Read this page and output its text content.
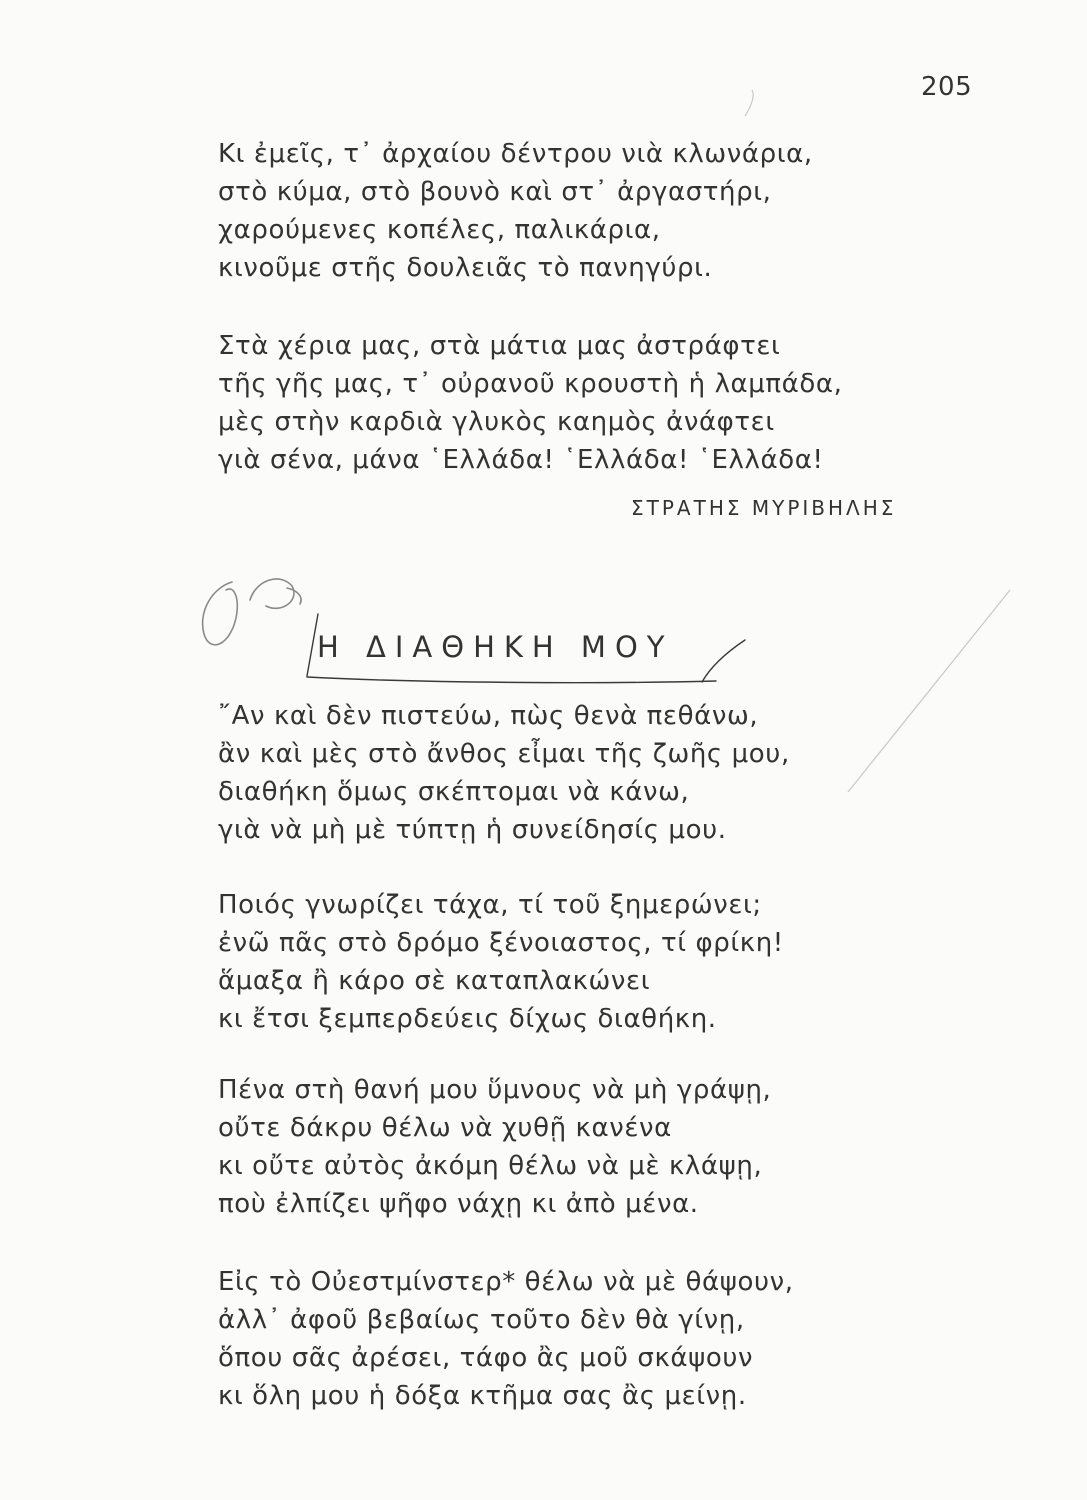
205
Κι ἐμεῖς, τ᾽ ἀρχαίου δέντρου νιὰ κλωνάρια,
στὸ κύμα, στὸ βουνὸ καὶ στ᾽ ἀργαστήρι,
χαρούμενες κοπέλες, παλικάρια,
κινοῦμε στῆς δουλειᾶς τὸ πανηγύρι.
Στὰ χέρια μας, στὰ μάτια μας ἀστράφτει
τῆς γῆς μας, τ᾽ οὐρανοῦ κρουστὴ ἡ λαμπάδα,
μὲς στὴν καρδιὰ γλυκὸς καημὸς ἀνάφτει
γιὰ σένα, μάνα ῾Ελλάδα! ῾Ελλάδα! ῾Ελλάδα!
ΣΤΡΑΤΗΣ ΜΥΡΙΒΗΛΗΣ
Η ΔΙΑΘΗΚΗ ΜΟΥ
῎Αν καὶ δὲν πιστεύω, πὼς θενὰ πεθάνω,
ἂν καὶ μὲς στὸ ἄνθος εἶμαι τῆς ζωῆς μου,
διαθήκη ὅμως σκέπτομαι νὰ κάνω,
γιὰ νὰ μὴ μὲ τύπτῃ ἡ συνείδησίς μου.
Ποιός γνωρίζει τάχα, τί τοῦ ξημερώνει;
ἐνῶ πᾶς στὸ δρόμο ξένοιαστος, τί φρίκη!
ἅμαξα ἢ κάρο σὲ καταπλακώνει
κι ἔτσι ξεμπερδεύεις δίχως διαθήκη.
Πένα στὴ θανή μου ὕμνους νὰ μὴ γράψῃ,
οὔτε δάκρυ θέλω νὰ χυθῇ κανένα
κι οὔτε αὐτὸς ἀκόμη θέλω νὰ μὲ κλάψῃ,
ποὺ ἐλπίζει ψῆφο νάχῃ κι ἀπὸ μένα.
Εἰς τὸ Οὐεστμίνστερ* θέλω νὰ μὲ θάψουν,
ἀλλ᾽ ἀφοῦ βεβαίως τοῦτο δὲν θὰ γίνῃ,
ὅπου σᾶς ἀρέσει, τάφο ἂς μοῦ σκάψουν
κι ὅλη μου ἡ δόξα κτῆμα σας ἂς μείνῃ.
